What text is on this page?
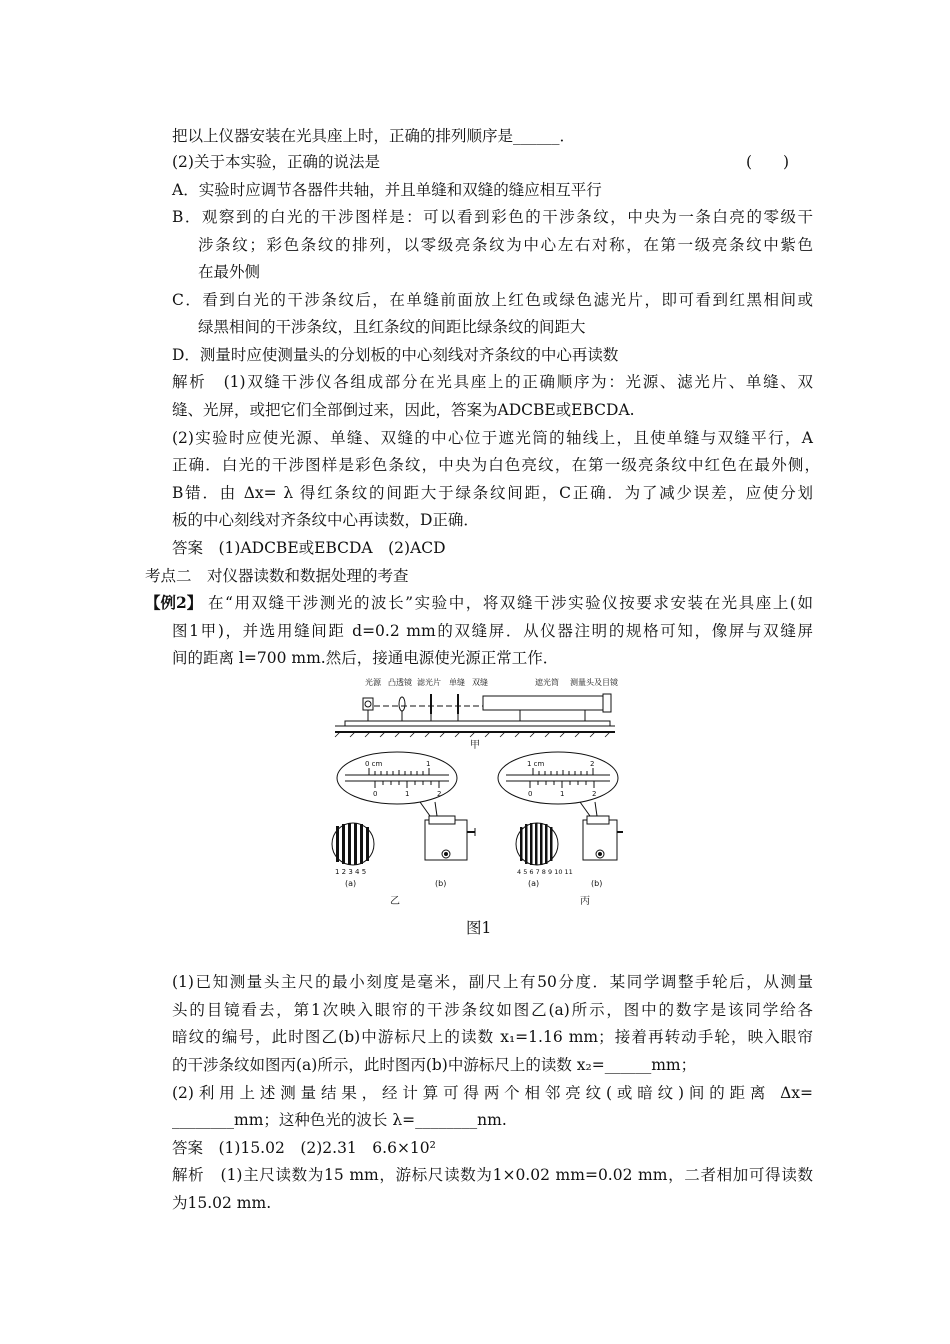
把以上仪器安装在光具座上时，正确的排列顺序是______．
(2)关于本实验，正确的说法是	(　　)
A．实验时应调节各器件共轴，并且单缝和双缝的缝应相互平行
B．观察到的白光的干涉图样是：可以看到彩色的干涉条纹，中央为一条白亮的零级干
涉条纹；彩色条纹的排列，以零级亮条纹为中心左右对称，在第一级亮条纹中紫色
在最外侧
C．看到白光的干涉条纹后，在单缝前面放上红色或绿色滤光片，即可看到红黑相间或
绿黑相间的干涉条纹，且红条纹的间距比绿条纹的间距大
D．测量时应使测量头的分划板的中心刻线对齐条纹的中心再读数
解析　(1)双缝干涉仪各组成部分在光具座上的正确顺序为：光源、滤光片、单缝、双
缝、光屏，或把它们全部倒过来，因此，答案为ADCBE或EBCDA.
(2)实验时应使光源、单缝、双缝的中心位于遮光筒的轴线上，且使单缝与双缝平行，A
正确．白光的干涉图样是彩色条纹，中央为白色亮纹，在第一级亮条纹中红色在最外侧，
B错．由 Δx= λ 得红条纹的间距大于绿条纹间距，C正确．为了减少误差，应使分划
板的中心刻线对齐条纹中心再读数，D正确．
答案　(1)ADCBE或EBCDA　(2)ACD
考点二　对仪器读数和数据处理的考查
【例2】 在“用双缝干涉测光的波长”实验中，将双缝干涉实验仪按要求安装在光具座上(如
图1甲)，并选用缝间距 d=0.2 mm的双缝屏．从仪器注明的规格可知，像屏与双缝屏
间的距离 l=700 mm.然后，接通电源使光源正常工作．
光源 凸透镜 滤光片 单缝 双缝	遮光筒 测量头及目镜
甲
0 cm	1
0	1	2
1 2 3 4 5
(a)	(b)
乙
1 cm	2
0	1	2
4 5 6 7 8 9 10 11
(a)	(b)
丙
图1
(1)已知测量头主尺的最小刻度是毫米，副尺上有50分度．某同学调整手轮后，从测量
头的目镜看去，第1次映入眼帘的干涉条纹如图乙(a)所示，图中的数字是该同学给各
暗纹的编号，此时图乙(b)中游标尺上的读数 x₁=1.16 mm；接着再转动手轮，映入眼帘
的干涉条纹如图丙(a)所示，此时图丙(b)中游标尺上的读数 x₂=______mm；
(2)利用上述测量结果，经计算可得两个相邻亮纹(或暗纹)间的距离 Δx=
________mm；这种色光的波长 λ=________nm.
答案　(1)15.02　(2)2.31　6.6×10²
解析　(1)主尺读数为15 mm，游标尺读数为1×0.02 mm=0.02 mm，二者相加可得读数
为15.02 mm.
